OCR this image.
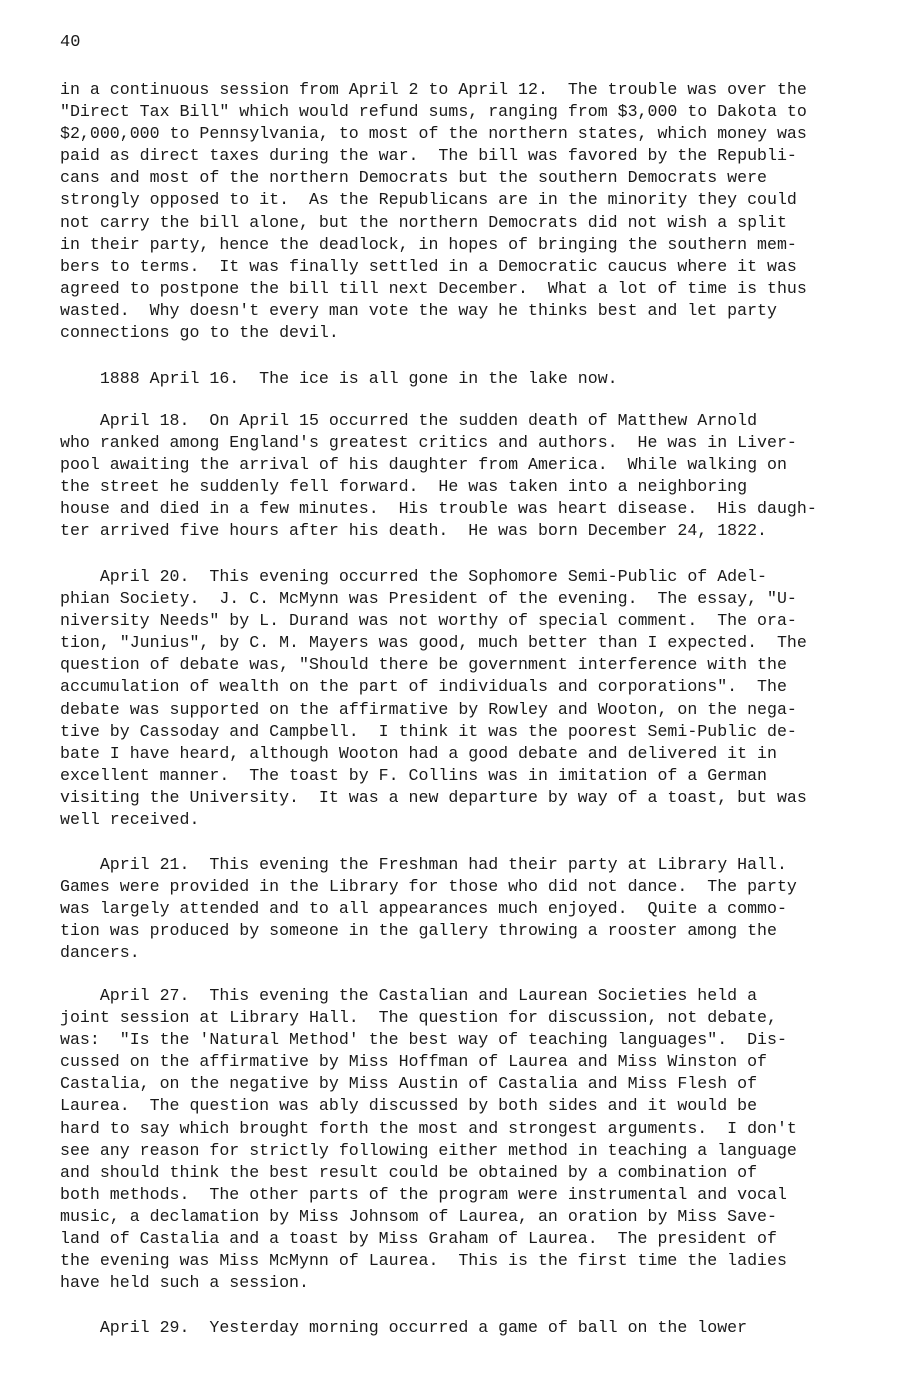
40
in a continuous session from April 2 to April 12.  The trouble was over the
"Direct Tax Bill" which would refund sums, ranging from $3,000 to Dakota to
$2,000,000 to Pennsylvania, to most of the northern states, which money was
paid as direct taxes during the war.  The bill was favored by the Republi-
cans and most of the northern Democrats but the southern Democrats were
strongly opposed to it.  As the Republicans are in the minority they could
not carry the bill alone, but the northern Democrats did not wish a split
in their party, hence the deadlock, in hopes of bringing the southern mem-
bers to terms.  It was finally settled in a Democratic caucus where it was
agreed to postpone the bill till next December.  What a lot of time is thus
wasted.  Why doesn't every man vote the way he thinks best and let party
connections go to the devil.
1888 April 16.  The ice is all gone in the lake now.
April 18.  On April 15 occurred the sudden death of Matthew Arnold
who ranked among England's greatest critics and authors.  He was in Liver-
pool awaiting the arrival of his daughter from America.  While walking on
the street he suddenly fell forward.  He was taken into a neighboring
house and died in a few minutes.  His trouble was heart disease.  His daugh-
ter arrived five hours after his death.  He was born December 24, 1822.
April 20.  This evening occurred the Sophomore Semi-Public of Adel-
phian Society.  J. C. McMynn was President of the evening.  The essay, "U-
niversity Needs" by L. Durand was not worthy of special comment.  The ora-
tion, "Junius", by C. M. Mayers was good, much better than I expected.  The
question of debate was, "Should there be government interference with the
accumulation of wealth on the part of individuals and corporations".  The
debate was supported on the affirmative by Rowley and Wooton, on the nega-
tive by Cassoday and Campbell.  I think it was the poorest Semi-Public de-
bate I have heard, although Wooton had a good debate and delivered it in
excellent manner.  The toast by F. Collins was in imitation of a German
visiting the University.  It was a new departure by way of a toast, but was
well received.
April 21.  This evening the Freshman had their party at Library Hall.
Games were provided in the Library for those who did not dance.  The party
was largely attended and to all appearances much enjoyed.  Quite a commo-
tion was produced by someone in the gallery throwing a rooster among the
dancers.
April 27.  This evening the Castalian and Laurean Societies held a
joint session at Library Hall.  The question for discussion, not debate,
was:  "Is the 'Natural Method' the best way of teaching languages".  Dis-
cussed on the affirmative by Miss Hoffman of Laurea and Miss Winston of
Castalia, on the negative by Miss Austin of Castalia and Miss Flesh of
Laurea.  The question was ably discussed by both sides and it would be
hard to say which brought forth the most and strongest arguments.  I don't
see any reason for strictly following either method in teaching a language
and should think the best result could be obtained by a combination of
both methods.  The other parts of the program were instrumental and vocal
music, a declamation by Miss Johnsom of Laurea, an oration by Miss Save-
land of Castalia and a toast by Miss Graham of Laurea.  The president of
the evening was Miss McMynn of Laurea.  This is the first time the ladies
have held such a session.
April 29.  Yesterday morning occurred a game of ball on the lower
